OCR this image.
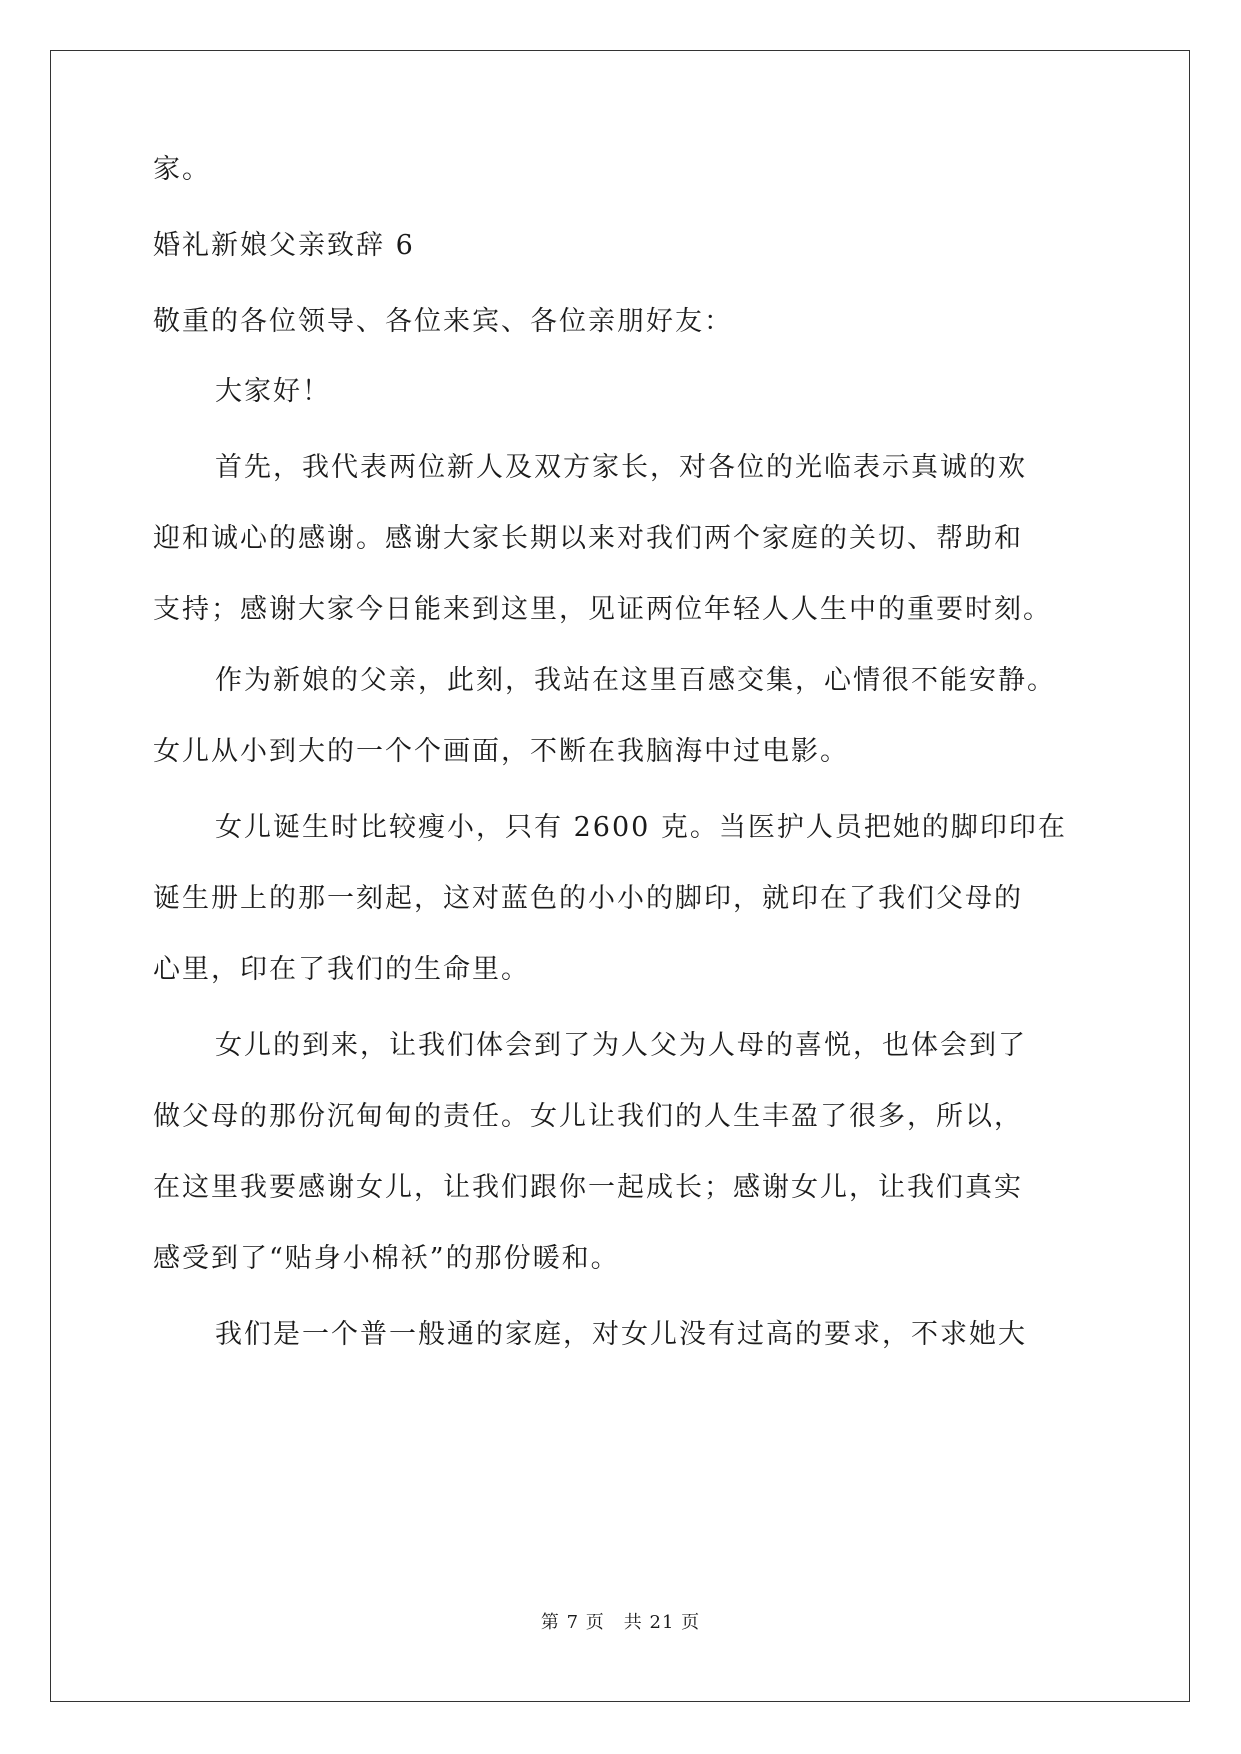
家。
婚礼新娘父亲致辞 6
敬重的各位领导、各位来宾、各位亲朋好友：
大家好！
首先，我代表两位新人及双方家长，对各位的光临表示真诚的欢
迎和诚心的感谢。感谢大家长期以来对我们两个家庭的关切、帮助和
支持；感谢大家今日能来到这里，见证两位年轻人人生中的重要时刻。
作为新娘的父亲，此刻，我站在这里百感交集，心情很不能安静。
女儿从小到大的一个个画面，不断在我脑海中过电影。
女儿诞生时比较瘦小，只有 2600 克。当医护人员把她的脚印印在
诞生册上的那一刻起，这对蓝色的小小的脚印，就印在了我们父母的
心里，印在了我们的生命里。
女儿的到来，让我们体会到了为人父为人母的喜悦，也体会到了
做父母的那份沉甸甸的责任。女儿让我们的人生丰盈了很多，所以，
在这里我要感谢女儿，让我们跟你一起成长；感谢女儿，让我们真实
感受到了“贴身小棉袄”的那份暖和。
我们是一个普一般通的家庭，对女儿没有过高的要求，不求她大
第 7 页　共 21 页
